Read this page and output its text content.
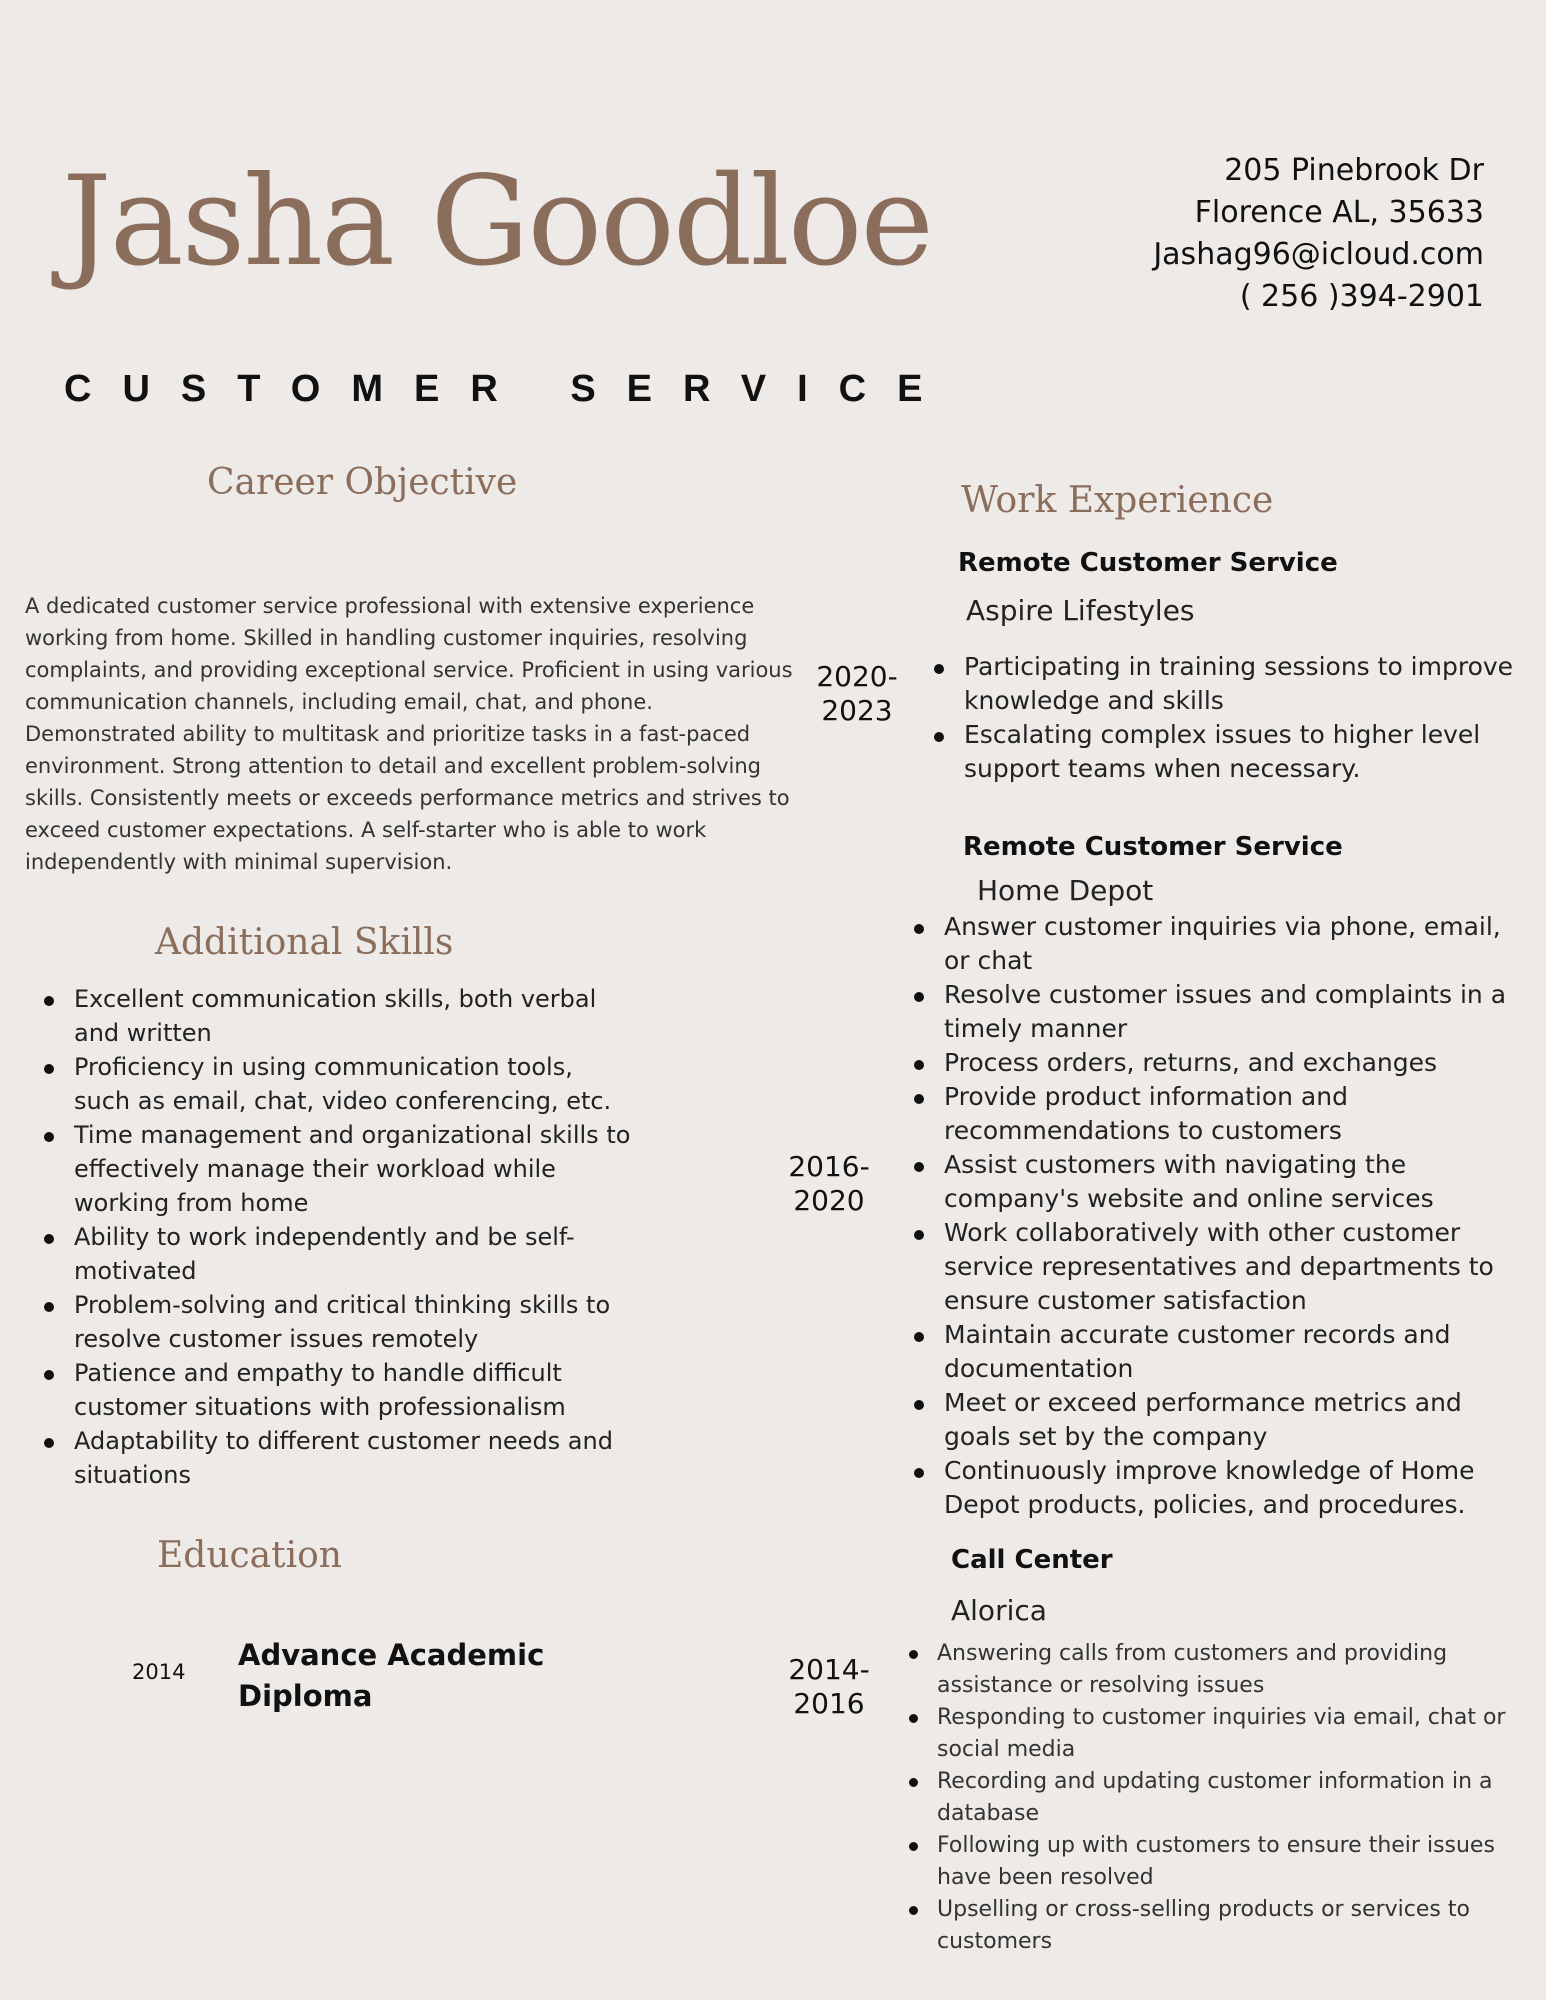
Jasha Goodloe	205 Pinebrook Dr
Florence AL, 35633
Jashag96@icloud.com
( 256 )394-2901
CUSTOMER SERVICE
Career Objective
A dedicated customer service professional with extensive experience working from home. Skilled in handling customer inquiries, resolving complaints, and providing exceptional service. Proficient in using various communication channels, including email, chat, and phone. Demonstrated ability to multitask and prioritize tasks in a fast-paced environment. Strong attention to detail and excellent problem-solving skills. Consistently meets or exceeds performance metrics and strives to exceed customer expectations. A self-starter who is able to work independently with minimal supervision.
Additional Skills
Excellent communication skills, both verbal and written
Proficiency in using communication tools, such as email, chat, video conferencing, etc.
Time management and organizational skills to effectively manage their workload while working from home
Ability to work independently and be self-motivated
Problem-solving and critical thinking skills to resolve customer issues remotely
Patience and empathy to handle difficult customer situations with professionalism
Adaptability to different customer needs and situations
Education
2014 Advance Academic Diploma
Work Experience
Remote Customer Service
Aspire Lifestyles
2020-
2023
Participating in training sessions to improve knowledge and skills
Escalating complex issues to higher level support teams when necessary.
Remote Customer Service
Home Depot
2016-
2020
Answer customer inquiries via phone, email, or chat
Resolve customer issues and complaints in a timely manner
Process orders, returns, and exchanges
Provide product information and recommendations to customers
Assist customers with navigating the company's website and online services
Work collaboratively with other customer service representatives and departments to ensure customer satisfaction
Maintain accurate customer records and documentation
Meet or exceed performance metrics and goals set by the company
Continuously improve knowledge of Home Depot products, policies, and procedures.
Call Center
Alorica
2014-
2016
Answering calls from customers and providing assistance or resolving issues
Responding to customer inquiries via email, chat or social media
Recording and updating customer information in a database
Following up with customers to ensure their issues have been resolved
Upselling or cross-selling products or services to customers
